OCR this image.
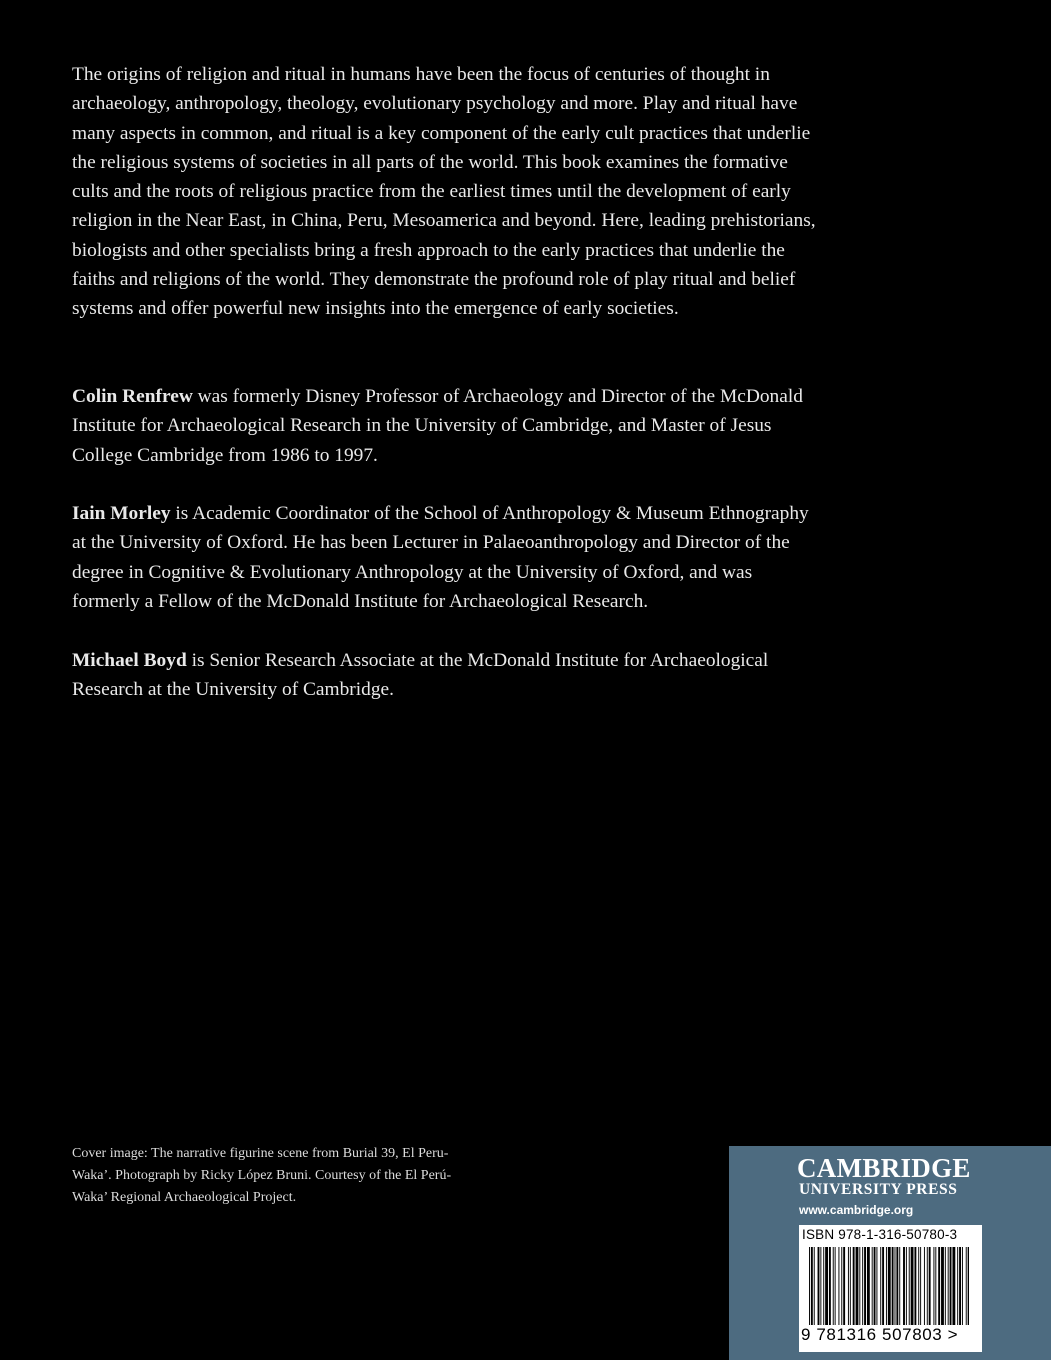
The origins of religion and ritual in humans have been the focus of centuries of thought in archaeology, anthropology, theology, evolutionary psychology and more. Play and ritual have many aspects in common, and ritual is a key component of the early cult practices that underlie the religious systems of societies in all parts of the world. This book examines the formative cults and the roots of religious practice from the earliest times until the development of early religion in the Near East, in China, Peru, Mesoamerica and beyond. Here, leading prehistorians, biologists and other specialists bring a fresh approach to the early practices that underlie the faiths and religions of the world. They demonstrate the profound role of play ritual and belief systems and offer powerful new insights into the emergence of early societies.

Colin Renfrew was formerly Disney Professor of Archaeology and Director of the McDonald Institute for Archaeological Research in the University of Cambridge, and Master of Jesus College Cambridge from 1986 to 1997.

Iain Morley is Academic Coordinator of the School of Anthropology & Museum Ethnography at the University of Oxford. He has been Lecturer in Palaeoanthropology and Director of the degree in Cognitive & Evolutionary Anthropology at the University of Oxford, and was formerly a Fellow of the McDonald Institute for Archaeological Research.

Michael Boyd is Senior Research Associate at the McDonald Institute for Archaeological Research at the University of Cambridge.

Cover image: The narrative figurine scene from Burial 39, El Peru-Waka’. Photograph by Ricky López Bruni. Courtesy of the El Perú-Waka’ Regional Archaeological Project.

CAMBRIDGE
UNIVERSITY PRESS
www.cambridge.org
ISBN 978-1-316-50780-3
9 781316 507803 >
